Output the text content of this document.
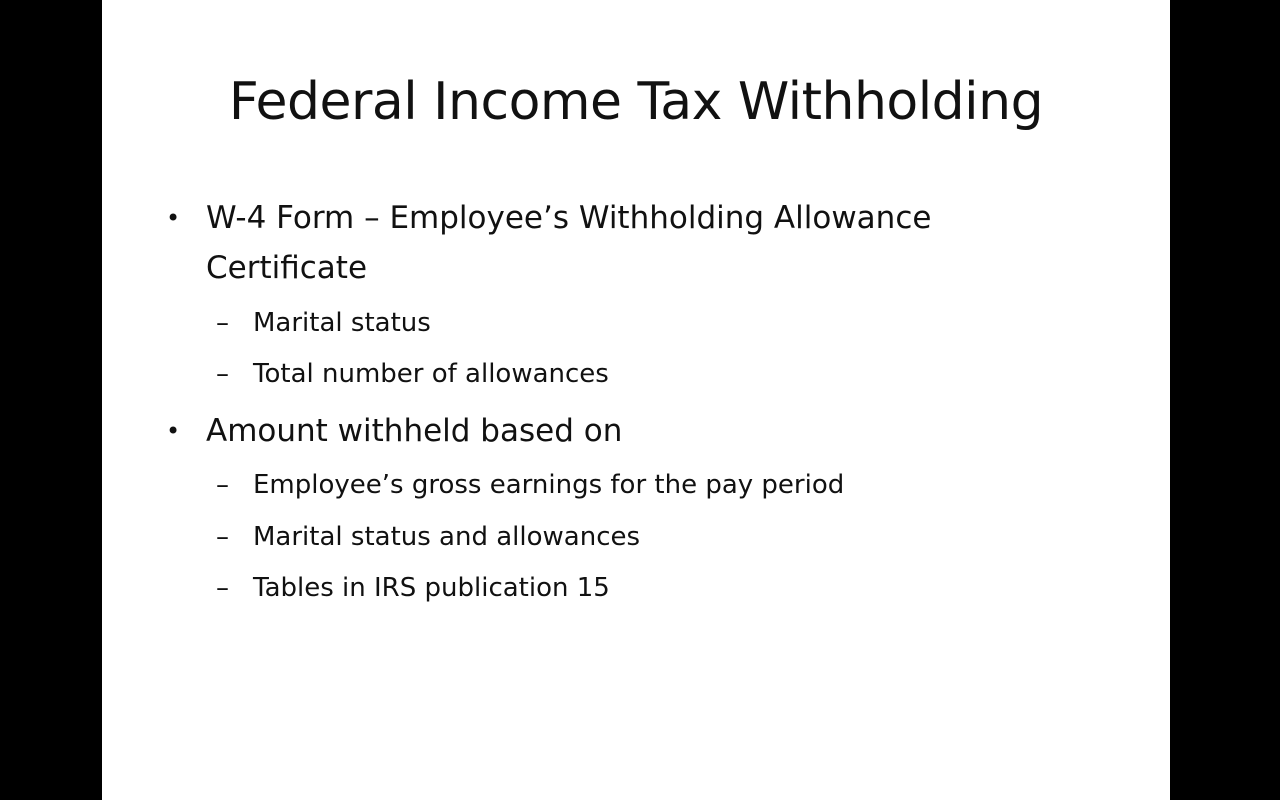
Federal Income Tax Withholding
• W-4 Form – Employee’s Withholding Allowance
Certificate
– Marital status
– Total number of allowances
• Amount withheld based on
– Employee’s gross earnings for the pay period
– Marital status and allowances
– Tables in IRS publication 15
